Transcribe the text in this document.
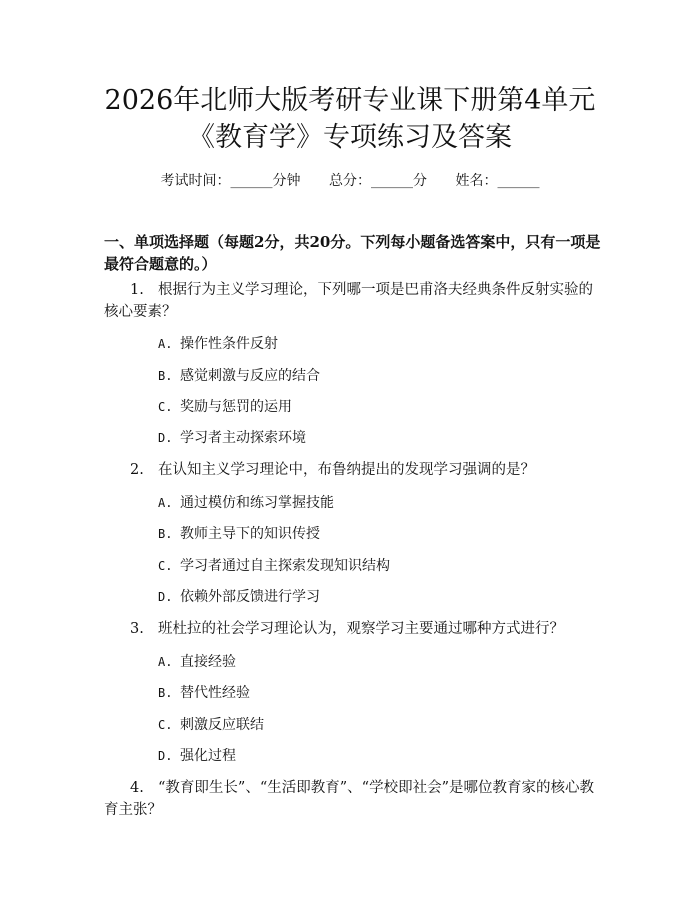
2026年北师大版考研专业课下册第4单元
《教育学》专项练习及答案
考试时间：______分钟 总分：______分 姓名：______
一、单项选择题（每题2分，共20分。下列每小题备选答案中，只有一项是最符合题意的。）
1. 根据行为主义学习理论，下列哪一项是巴甫洛夫经典条件反射实验的核心要素？
A. 操作性条件反射
B. 感觉刺激与反应的结合
C. 奖励与惩罚的运用
D. 学习者主动探索环境
2. 在认知主义学习理论中，布鲁纳提出的发现学习强调的是？
A. 通过模仿和练习掌握技能
B. 教师主导下的知识传授
C. 学习者通过自主探索发现知识结构
D. 依赖外部反馈进行学习
3. 班杜拉的社会学习理论认为，观察学习主要通过哪种方式进行？
A. 直接经验
B. 替代性经验
C. 刺激反应联结
D. 强化过程
4. “教育即生长”、“生活即教育”、“学校即社会”是哪位教育家的核心教育主张？
